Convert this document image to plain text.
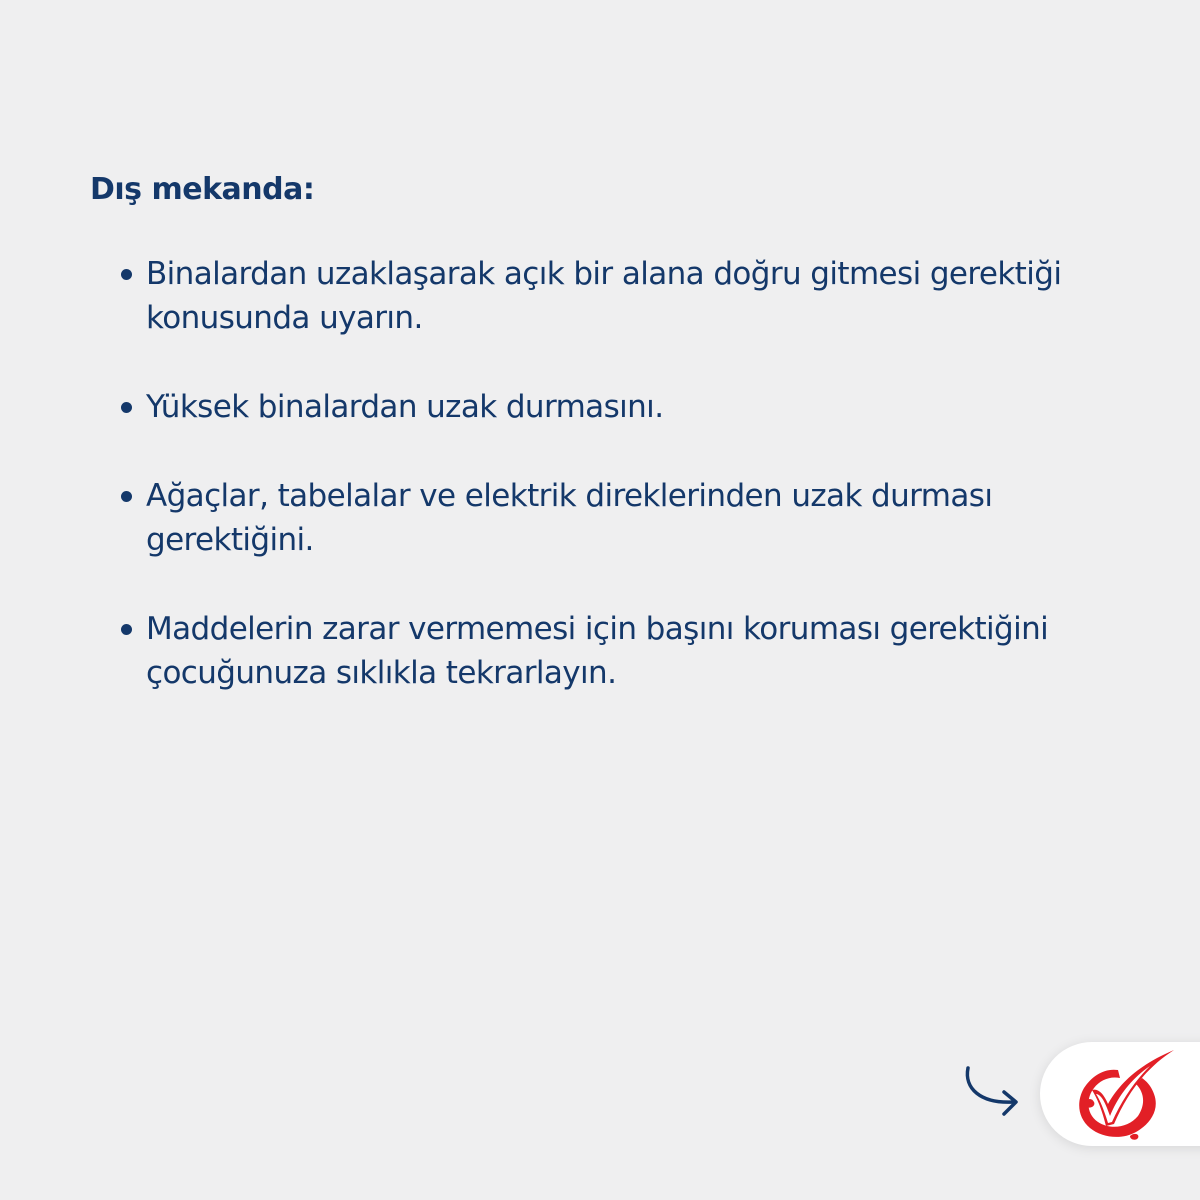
Dış mekanda:
Binalardan uzaklaşarak açık bir alana doğru gitmesi gerektiği konusunda uyarın.
Yüksek binalardan uzak durmasını.
Ağaçlar, tabelalar ve elektrik direklerinden uzak durması gerektiğini.
Maddelerin zarar vermemesi için başını koruması gerektiğini çocuğunuza sıklıkla tekrarlayın.
